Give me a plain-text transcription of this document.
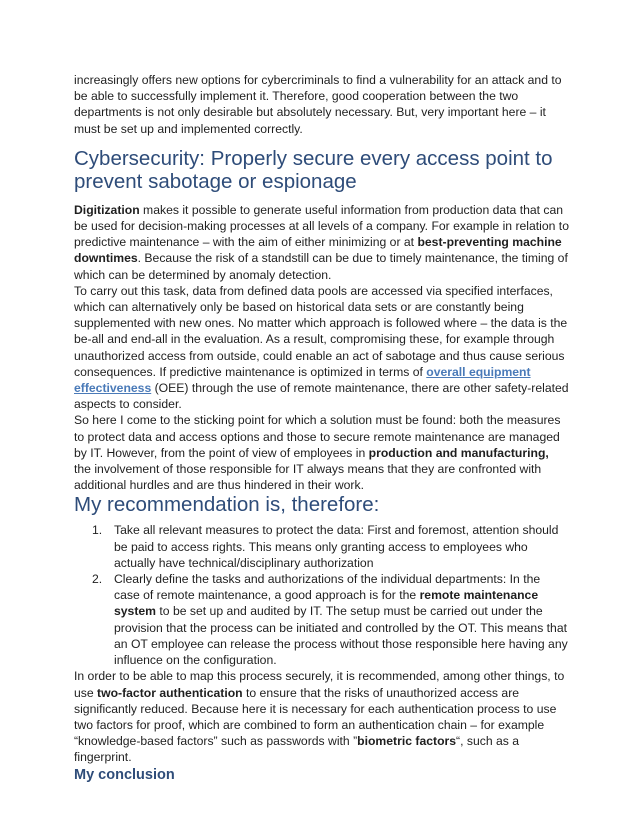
increasingly offers new options for cybercriminals to find a vulnerability for an attack and to be able to successfully implement it. Therefore, good cooperation between the two departments is not only desirable but absolutely necessary. But, very important here – it must be set up and implemented correctly.

Cybersecurity: Properly secure every access point to prevent sabotage or espionage

Digitization makes it possible to generate useful information from production data that can be used for decision-making processes at all levels of a company. For example in relation to predictive maintenance – with the aim of either minimizing or at best-preventing machine downtimes. Because the risk of a standstill can be due to timely maintenance, the timing of which can be determined by anomaly detection.

To carry out this task, data from defined data pools are accessed via specified interfaces, which can alternatively only be based on historical data sets or are constantly being supplemented with new ones. No matter which approach is followed where – the data is the be-all and end-all in the evaluation. As a result, compromising these, for example through unauthorized access from outside, could enable an act of sabotage and thus cause serious consequences. If predictive maintenance is optimized in terms of overall equipment effectiveness (OEE) through the use of remote maintenance, there are other safety-related aspects to consider.

So here I come to the sticking point for which a solution must be found: both the measures to protect data and access options and those to secure remote maintenance are managed by IT. However, from the point of view of employees in production and manufacturing, the involvement of those responsible for IT always means that they are confronted with additional hurdles and are thus hindered in their work.

My recommendation is, therefore:
1. Take all relevant measures to protect the data: First and foremost, attention should be paid to access rights. This means only granting access to employees who actually have technical/disciplinary authorization
2. Clearly define the tasks and authorizations of the individual departments: In the case of remote maintenance, a good approach is for the remote maintenance system to be set up and audited by IT. The setup must be carried out under the provision that the process can be initiated and controlled by the OT. This means that an OT employee can release the process without those responsible here having any influence on the configuration.

In order to be able to map this process securely, it is recommended, among other things, to use two-factor authentication to ensure that the risks of unauthorized access are significantly reduced. Because here it is necessary for each authentication process to use two factors for proof, which are combined to form an authentication chain – for example “knowledge-based factors” such as passwords with ”biometric factors“, such as a fingerprint.

My conclusion
